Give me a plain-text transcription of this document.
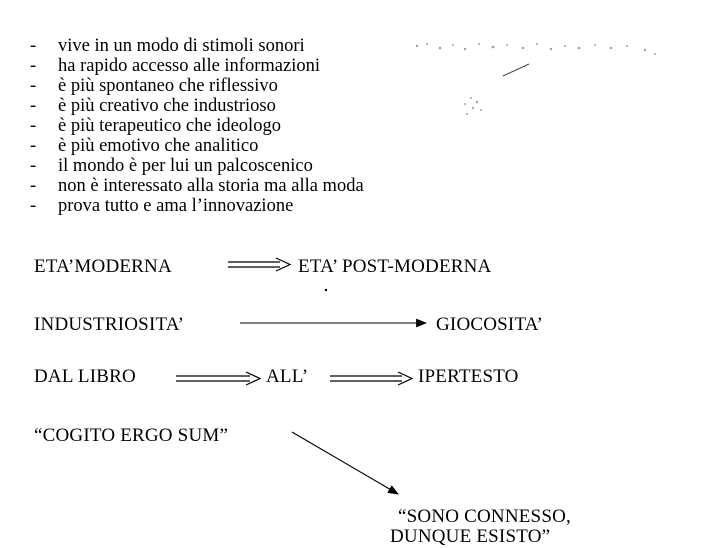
-	vive in un modo di stimoli sonori
-	ha rapido accesso alle informazioni
-	è più spontaneo che riflessivo
-	è più creativo che industrioso
-	è più terapeutico che ideologo
-	è più emotivo che analitico
-	il mondo è per lui un palcoscenico
-	non è interessato alla storia ma alla moda
-	prova tutto e ama l’innovazione
ETA’MODERNA	ETA’ POST-MODERNA
INDUSTRIOSITA’	GIOCOSITA’
DAL LIBRO	ALL’	IPERTESTO
“COGITO ERGO SUM”
“SONO CONNESSO,
DUNQUE ESISTO”
